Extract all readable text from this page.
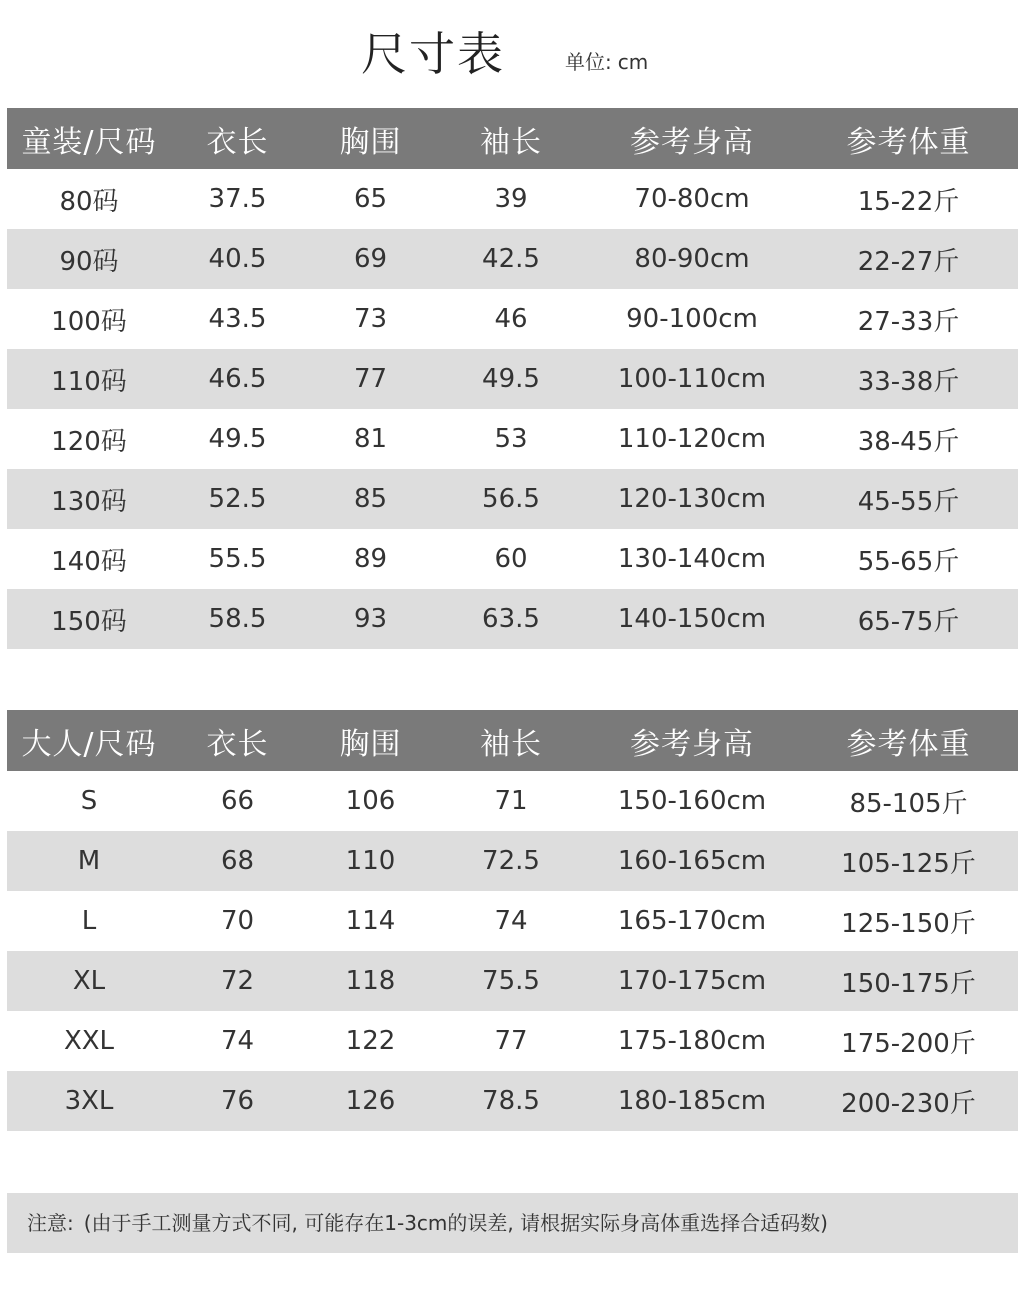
尺寸表	单位: cm
童装/尺码	衣长	胸围	袖长	参考身高	参考体重
80码	37.5	65	39	70-80cm	15-22斤
90码	40.5	69	42.5	80-90cm	22-27斤
100码	43.5	73	46	90-100cm	27-33斤
110码	46.5	77	49.5	100-110cm	33-38斤
120码	49.5	81	53	110-120cm	38-45斤
130码	52.5	85	56.5	120-130cm	45-55斤
140码	55.5	89	60	130-140cm	55-65斤
150码	58.5	93	63.5	140-150cm	65-75斤
大人/尺码	衣长	胸围	袖长	参考身高	参考体重
S	66	106	71	150-160cm	85-105斤
M	68	110	72.5	160-165cm	105-125斤
L	70	114	74	165-170cm	125-150斤
XL	72	118	75.5	170-175cm	150-175斤
XXL	74	122	77	175-180cm	175-200斤
3XL	76	126	78.5	180-185cm	200-230斤
注意: (由于手工测量方式不同, 可能存在1-3cm的误差, 请根据实际身高体重选择合适码数)
